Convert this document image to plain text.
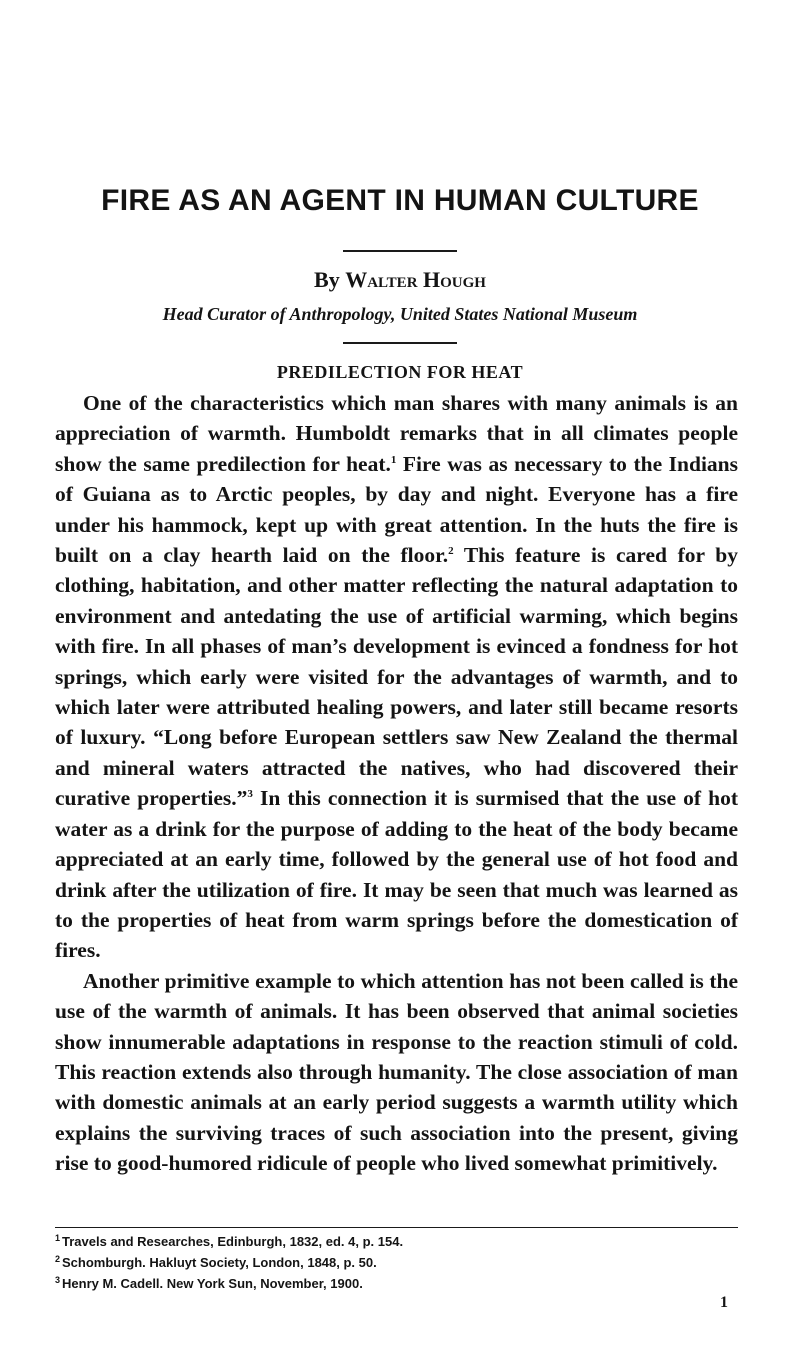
FIRE AS AN AGENT IN HUMAN CULTURE
By Walter Hough
Head Curator of Anthropology, United States National Museum
PREDILECTION FOR HEAT

One of the characteristics which man shares with many animals is an appreciation of warmth. Humboldt remarks that in all climates people show the same predilection for heat.$^1$ Fire was as necessary to the Indians of Guiana as to Arctic peoples, by day and night. Everyone has a fire under his hammock, kept up with great attention. In the huts the fire is built on a clay hearth laid on the floor.$^2$ This feature is cared for by clothing, habitation, and other matter reflecting the natural adaptation to environment and antedating the use of artificial warming, which begins with fire. In all phases of man’s development is evinced a fondness for hot springs, which early were visited for the advantages of warmth, and to which later were attributed healing powers, and later still became resorts of luxury. “Long before European settlers saw New Zealand the thermal and mineral waters attracted the natives, who had discovered their curative properties.”$^3$ In this connection it is surmised that the use of hot water as a drink for the purpose of adding to the heat of the body became appreciated at an early time, followed by the general use of hot food and drink after the utilization of fire. It may be seen that much was learned as to the properties of heat from warm springs before the domestication of fires.

Another primitive example to which attention has not been called is the use of the warmth of animals. It has been observed that animal societies show innumerable adaptations in response to the reaction stimuli of cold. This reaction extends also through humanity. The close association of man with domestic animals at an early period suggests a warmth utility which explains the surviving traces of such association into the present, giving rise to good-humored ridicule of people who lived somewhat primitively.

$^1$ Travels and Researches, Edinburgh, 1832, ed. 4, p. 154.
$^2$ Schomburgh. Hakluyt Society, London, 1848, p. 50.
$^3$ Henry M. Cadell. New York Sun, November, 1900.
1
